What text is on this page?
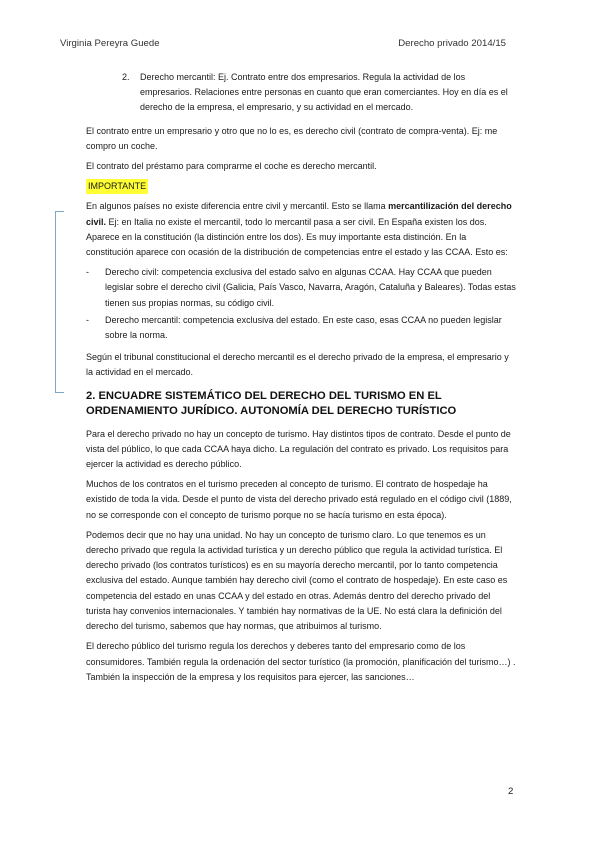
Virginia Pereyra Guede	Derecho privado 2014/15
2.	Derecho mercantil: Ej. Contrato entre dos empresarios. Regula la actividad de los empresarios. Relaciones entre personas en cuanto que eran comerciantes. Hoy en día es el derecho de la empresa, el empresario, y su actividad en el mercado.

El contrato entre un empresario y otro que no lo es, es derecho civil (contrato de compra-venta). Ej: me compro un coche.

El contrato del préstamo para comprarme el coche es derecho mercantil.

IMPORTANTE

En algunos países no existe diferencia entre civil y mercantil. Esto se llama mercantilización del derecho civil. Ej: en Italia no existe el mercantil, todo lo mercantil pasa a ser civil. En España existen los dos. Aparece en la constitución (la distinción entre los dos). Es muy importante esta distinción. En la constitución aparece con ocasión de la distribución de competencias entre el estado y las CCAA. Esto es:

-	Derecho civil: competencia exclusiva del estado salvo en algunas CCAA. Hay CCAA que pueden legislar sobre el derecho civil (Galicia, País Vasco, Navarra, Aragón, Cataluña y Baleares). Todas estas tienen sus propias normas, su código civil.
-	Derecho mercantil: competencia exclusiva del estado. En este caso, esas CCAA no pueden legislar sobre la norma.

Según el tribunal constitucional el derecho mercantil es el derecho privado de la empresa, el empresario y la actividad en el mercado.

2. ENCUADRE SISTEMÁTICO DEL DERECHO DEL TURISMO EN EL ORDENAMIENTO JURÍDICO. AUTONOMÍA DEL DERECHO TURÍSTICO

Para el derecho privado no hay un concepto de turismo. Hay distintos tipos de contrato. Desde el punto de vista del público, lo que cada CCAA haya dicho. La regulación del contrato es privado. Los requisitos para ejercer la actividad es derecho público.

Muchos de los contratos en el turismo preceden al concepto de turismo. El contrato de hospedaje ha existido de toda la vida. Desde el punto de vista del derecho privado está regulado en el código civil (1889, no se corresponde con el concepto de turismo porque no se hacía turismo en esta época).

Podemos decir que no hay una unidad. No hay un concepto de turismo claro. Lo que tenemos es un derecho privado que regula la actividad turística y un derecho público que regula la actividad turística. El derecho privado (los contratos turísticos) es en su mayoría derecho mercantil, por lo tanto competencia exclusiva del estado. Aunque también hay derecho civil (como el contrato de hospedaje). En este caso es competencia del estado en unas CCAA y del estado en otras. Además dentro del derecho privado del turista hay convenios internacionales. Y también hay normativas de la UE. No está clara la definición del derecho del turismo, sabemos que hay normas, que atribuimos al turismo.

El derecho público del turismo regula los derechos y deberes tanto del empresario como de los consumidores. También regula la ordenación del sector turístico (la promoción, planificación del turismo…) . También la inspección de la empresa y los requisitos para ejercer, las sanciones…

2
